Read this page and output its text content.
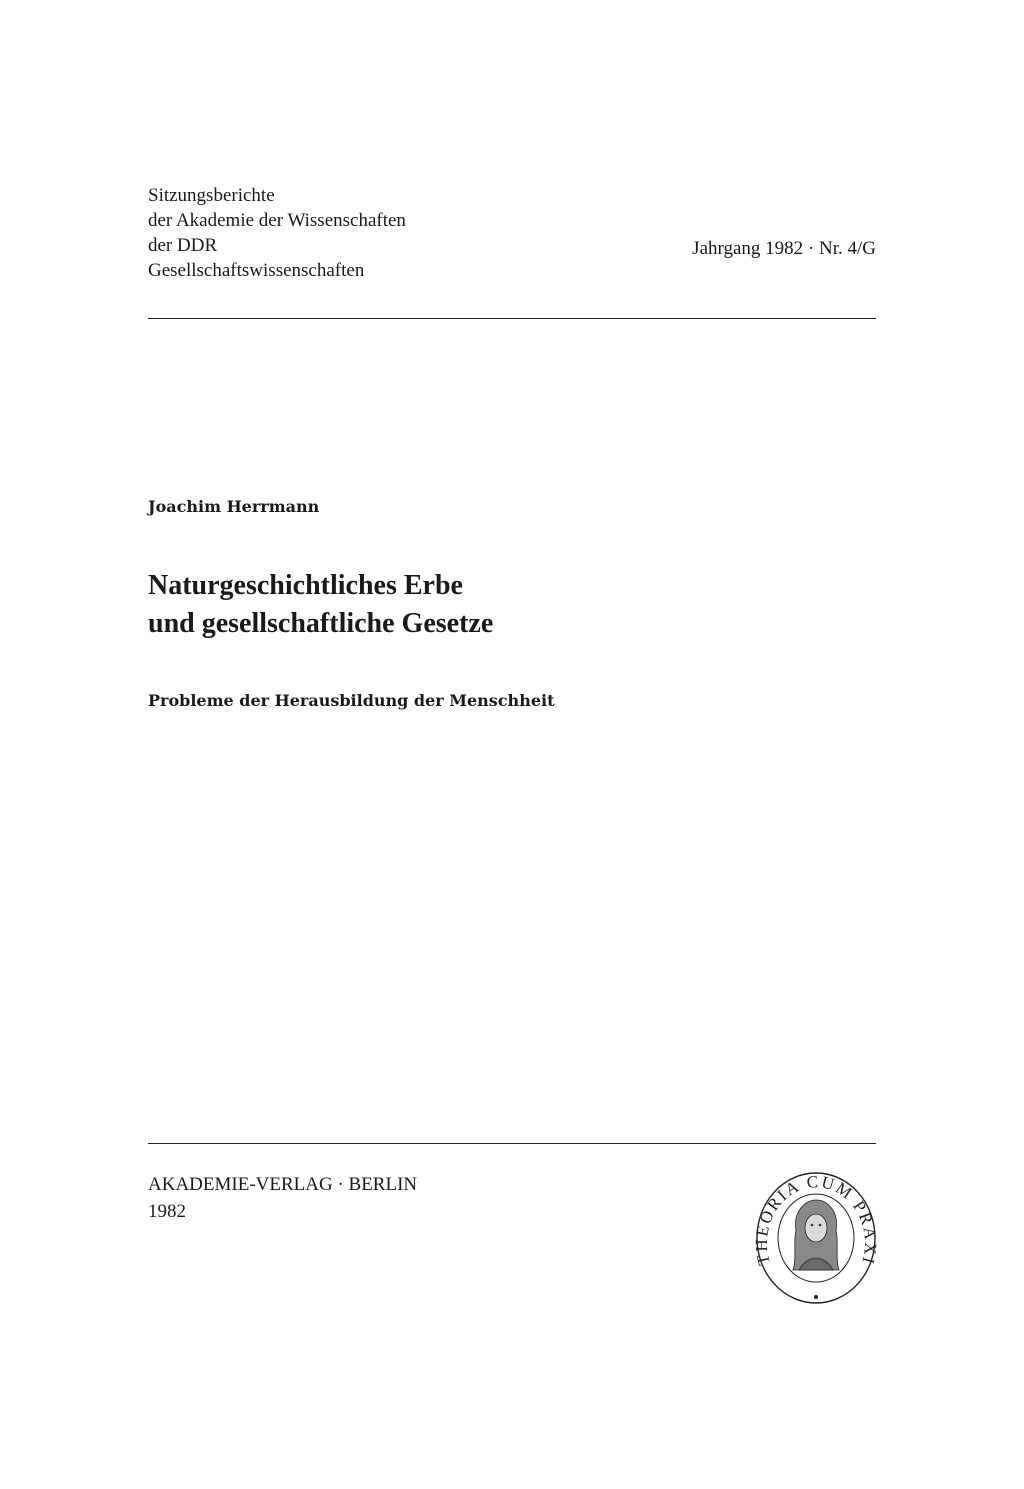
Sitzungsberichte
der Akademie der Wissenschaften
der DDR
Gesellschaftswissenschaften
Jahrgang 1982 · Nr. 4/G
Joachim Herrmann
Naturgeschichtliches Erbe
und gesellschaftliche Gesetze
Probleme der Herausbildung der Menschheit
AKADEMIE-VERLAG · BERLIN
1982	ORIA CUM PR I
